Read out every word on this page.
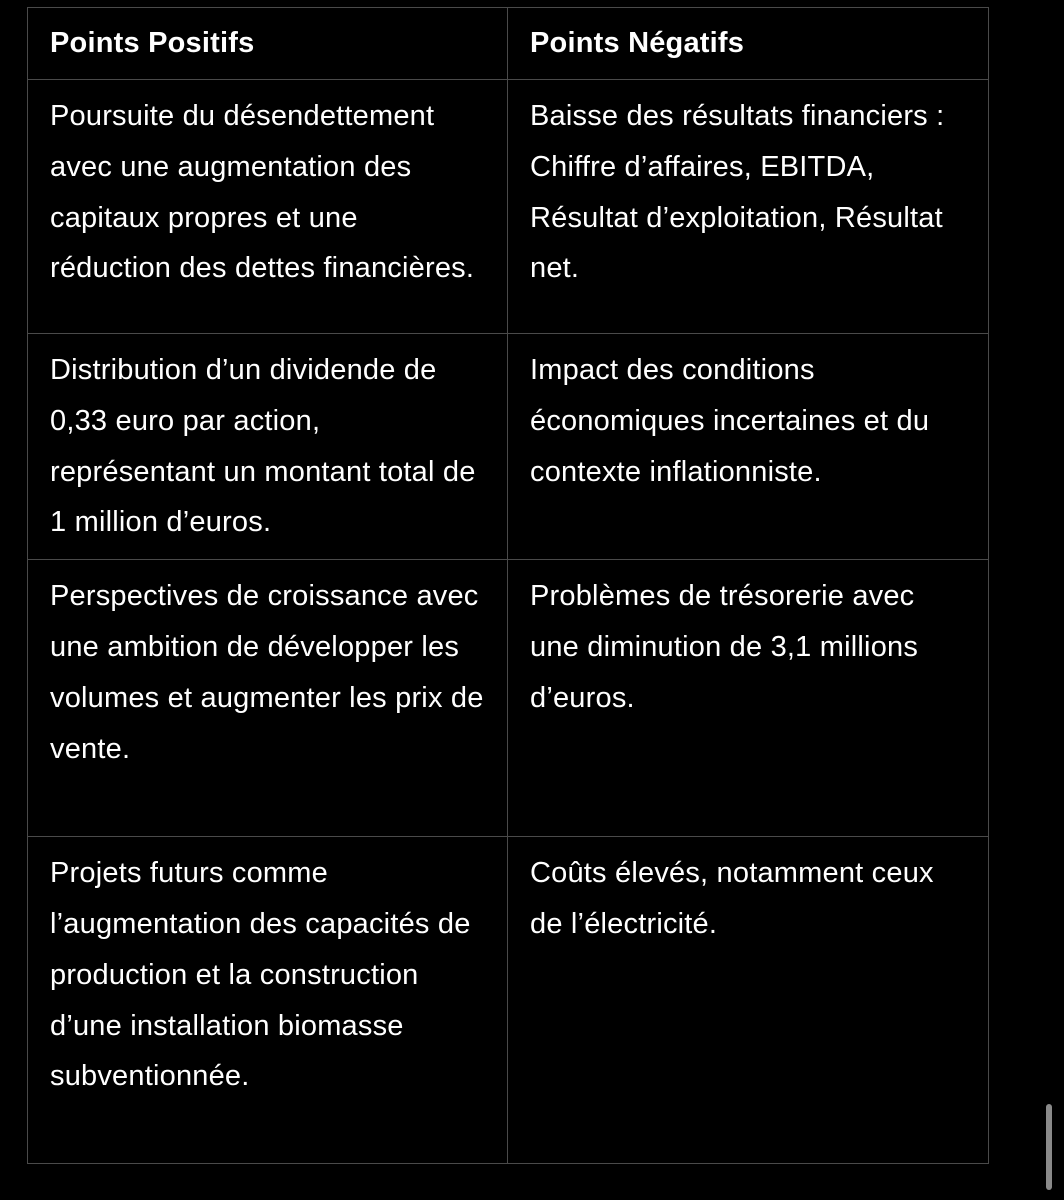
Points Positifs	Points Négatifs
Poursuite du désendettement avec une augmentation des capitaux propres et une réduction des dettes financières.	Baisse des résultats financiers : Chiffre d’affaires, EBITDA, Résultat d’exploitation, Résultat net.
Distribution d’un dividende de 0,33 euro par action, représentant un montant total de 1 million d’euros.	Impact des conditions économiques incertaines et du contexte inflationniste.
Perspectives de croissance avec une ambition de développer les volumes et augmenter les prix de vente.	Problèmes de trésorerie avec une diminution de 3,1 millions d’euros.
Projets futurs comme l’augmentation des capacités de production et la construction d’une installation biomasse subventionnée.	Coûts élevés, notamment ceux de l’électricité.
